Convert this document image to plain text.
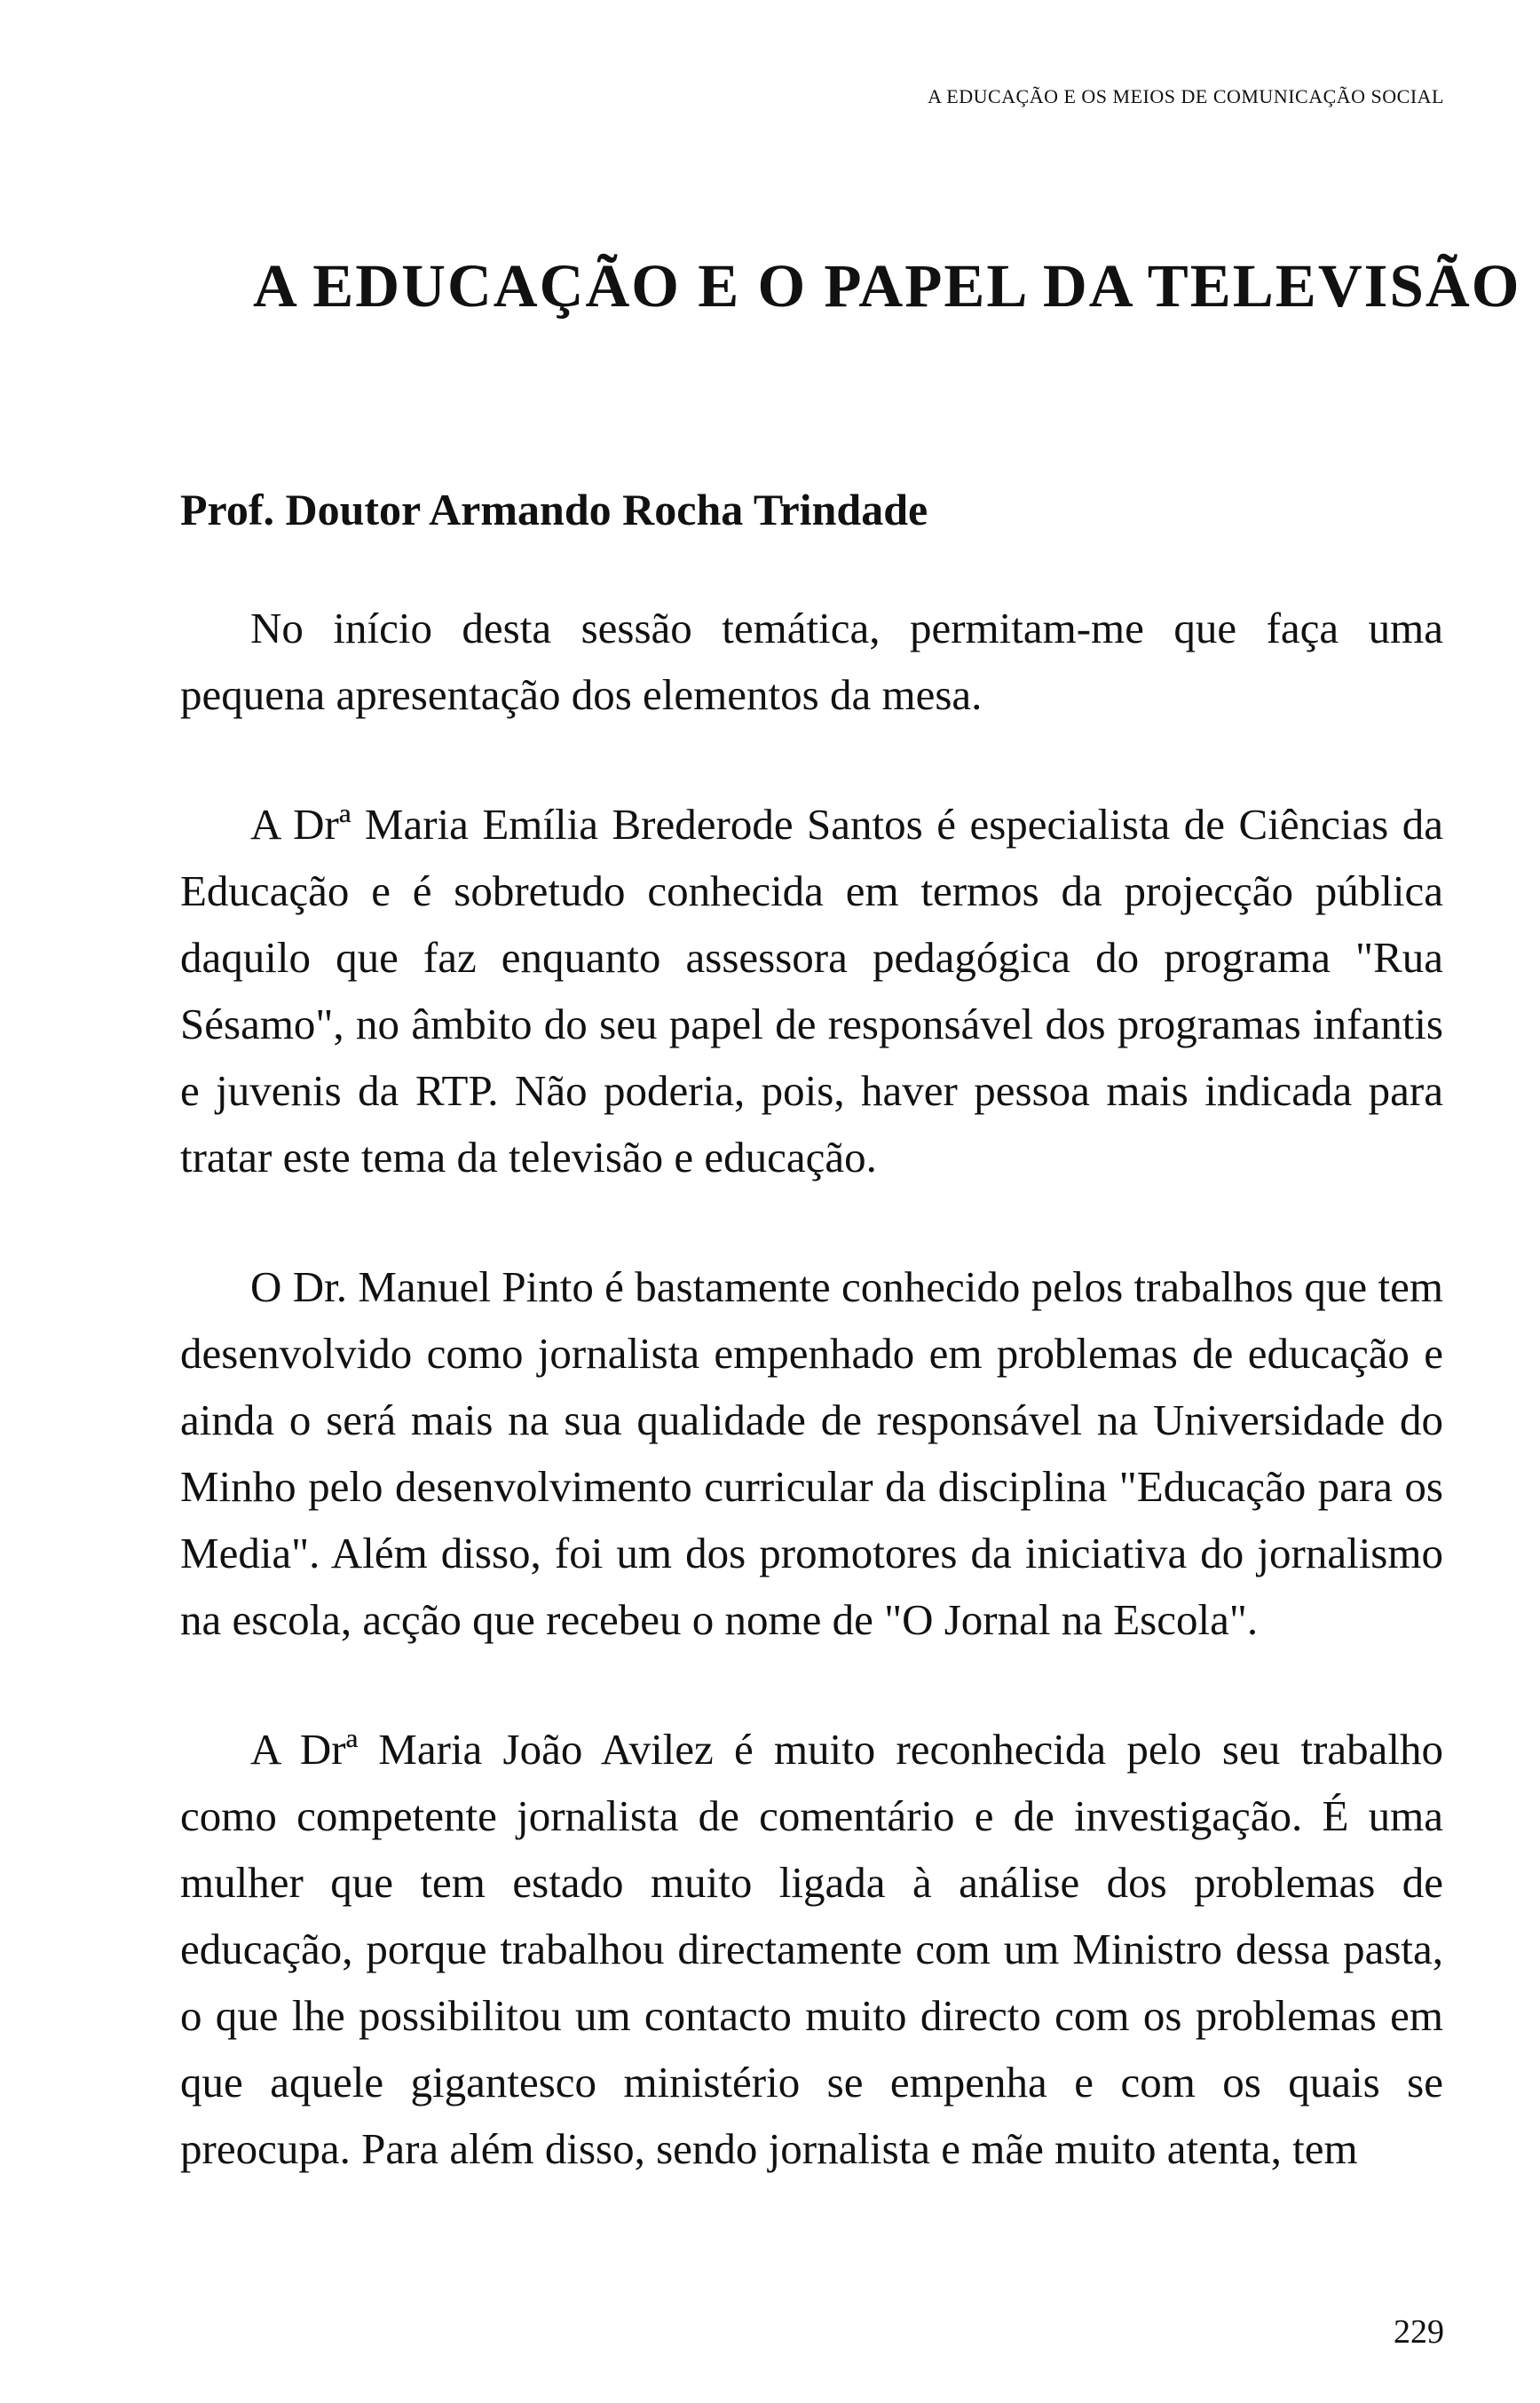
A EDUCAÇÃO E OS MEIOS DE COMUNICAÇÃO SOCIAL
A EDUCAÇÃO E O PAPEL DA TELEVISÃO
Prof. Doutor Armando Rocha Trindade

No início desta sessão temática, permitam-me que faça uma pequena apresentação dos elementos da mesa.

A Drª Maria Emília Brederode Santos é especialista de Ciências da Educação e é sobretudo conhecida em termos da projecção pública daquilo que faz enquanto assessora pedagógica do programa "Rua Sésamo", no âmbito do seu papel de responsável dos programas infantis e juvenis da RTP. Não poderia, pois, haver pessoa mais indicada para tratar este tema da televisão e educação.

O Dr. Manuel Pinto é bastamente conhecido pelos trabalhos que tem desenvolvido como jornalista empenhado em problemas de educação e ainda o será mais na sua qualidade de responsável na Universidade do Minho pelo desenvolvimento curricular da disciplina "Educação para os Media". Além disso, foi um dos promotores da iniciativa do jornalismo na escola, acção que recebeu o nome de "O Jornal na Escola".

A Drª Maria João Avilez é muito reconhecida pelo seu trabalho como competente jornalista de comentário e de investigação. É uma mulher que tem estado muito ligada à análise dos problemas de educação, porque trabalhou directamente com um Ministro dessa pasta, o que lhe possibilitou um contacto muito directo com os problemas em que aquele gigantesco ministério se empenha e com os quais se preocupa. Para além disso, sendo jornalista e mãe muito atenta, tem

229
